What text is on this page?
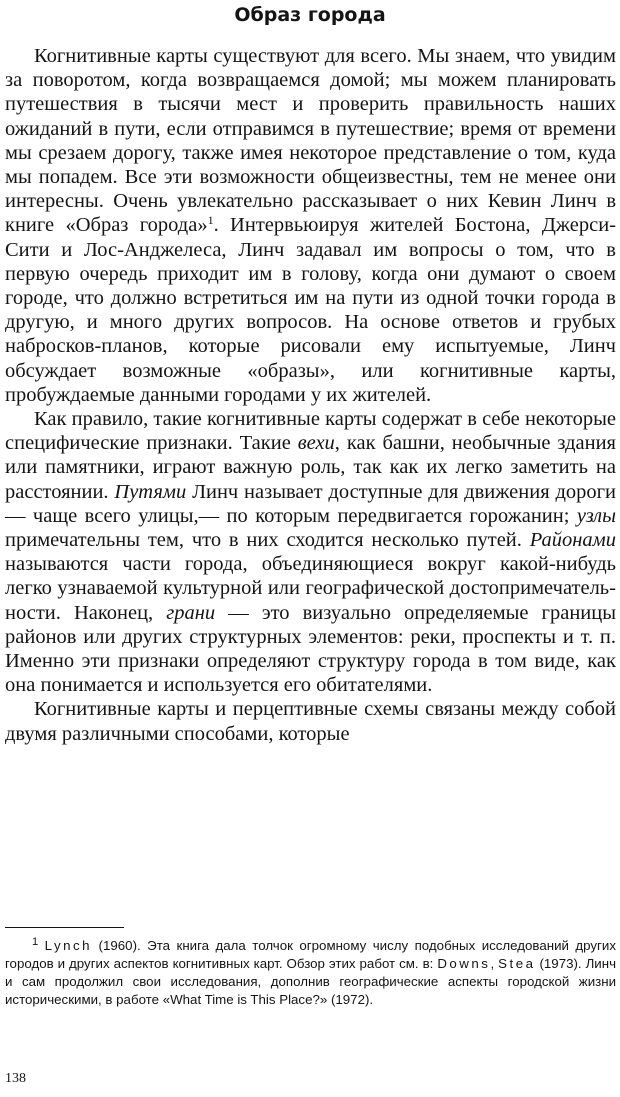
Образ города

Когнитивные карты существуют для всего. Мы знаем, что увидим за поворотом, когда возвращаемся домой; мы можем планировать путешествия в тысячи мест и проверить правильность наших ожиданий в пути, если отправимся в путешествие; время от времени мы срезаем дорогу, также имея некоторое представление о том, куда мы попадем. Все эти возможности общеизвестны, тем не менее они интересны. Очень увлекательно рассказывает о них Кевин Линч в книге «Образ города»$^1$. Интервьюируя жителей Бостона, Джерси-Сити и Лос-Анджелеса, Линч задавал им вопросы о том, что в первую очередь приходит им в голову, когда они думают о своем городе, что должно встретиться им на пути из одной точки города в другую, и много других вопросов. На основе ответов и грубых набросков-планов, которые рисовали ему испытуемые, Линч обсуждает возможные «образы», или когнитивные карты, пробуждаемые данными городами у их жителей.

Как правило, такие когнитивные карты содержат в себе некоторые специфические признаки. Такие вехи, как башни, необычные здания или памятники, играют важную роль, так как их легко заметить на расстоянии. Путями Линч называет доступные для движения дороги — чаще всего улицы,— по которым передвигается горожанин; узлы примечательны тем, что в них сходится несколько путей. Районами называются части города, объединяющиеся вокруг какой-нибудь легко узнаваемой культурной или географической достопримечательности. Наконец, грани — это визуально определяемые границы районов или других структурных элементов: реки, проспекты и т. п. Именно эти признаки определяют структуру города в том виде, как она понимается и используется его обитателями.

Когнитивные карты и перцептивные схемы связаны между собой двумя различными способами, которые

$^1$ Lynch (1960). Эта книга дала толчок огромному числу подобных исследований других городов и других аспектов когнитивных карт. Обзор этих работ см. в: Downs, Stea (1973). Линч и сам продолжил свои исследования, дополнив географические аспекты городской жизни историческими, в работе «What Time is This Place?» (1972).

138
